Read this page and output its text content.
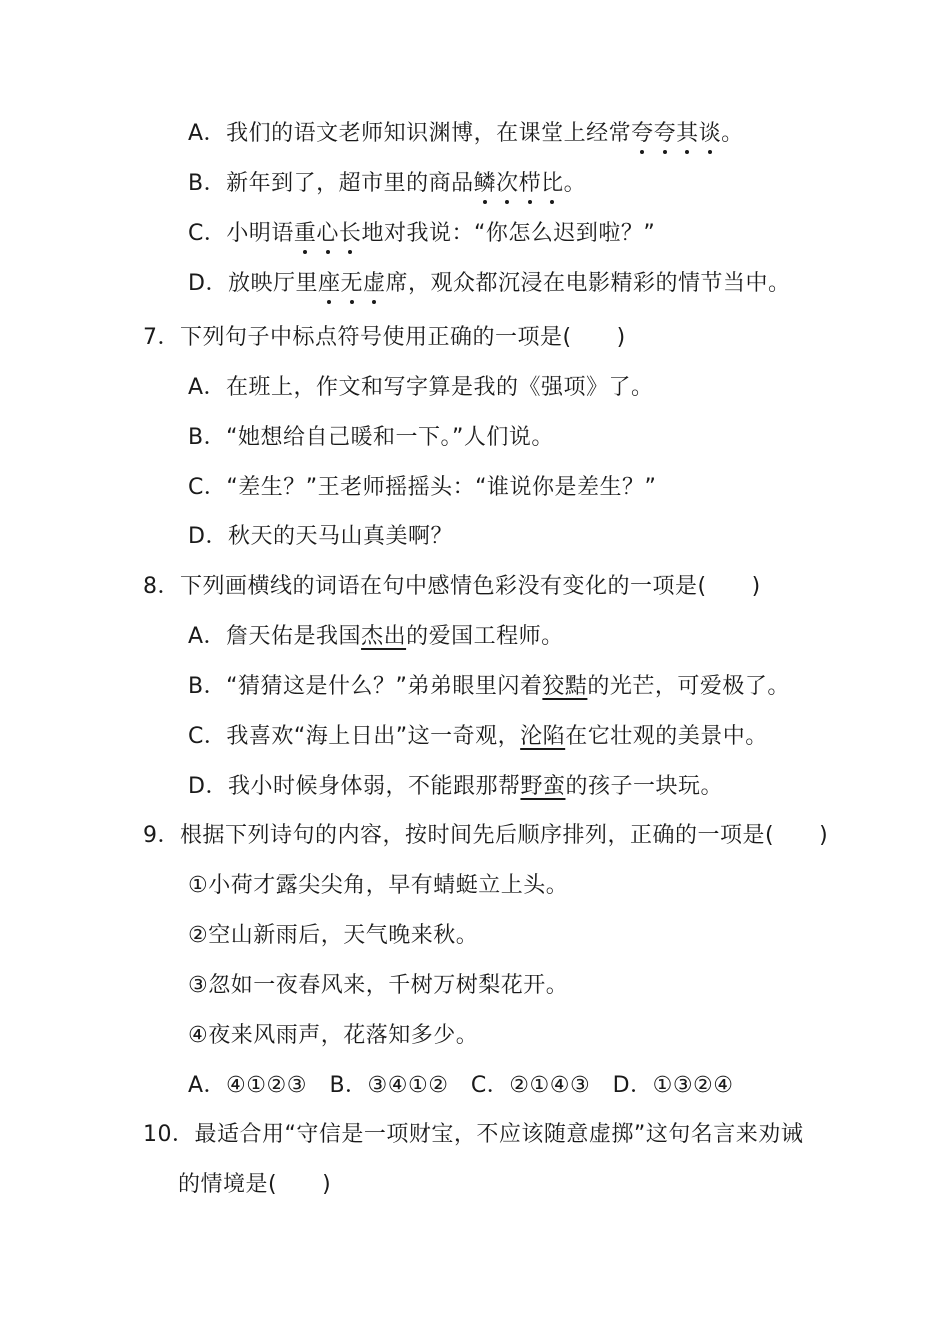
A．我们的语文老师知识渊博，在课堂上经常夸夸其谈。
B．新年到了，超市里的商品鳞次栉比。
C．小明语重心长地对我说：“你怎么迟到啦？”
D．放映厅里座无虚席，观众都沉浸在电影精彩的情节当中。
7．下列句子中标点符号使用正确的一项是(　　)
A．在班上，作文和写字算是我的《强项》了。
B．“她想给自己暖和一下。”人们说。
C．“差生？”王老师摇摇头：“谁说你是差生？”
D．秋天的天马山真美啊？
8．下列画横线的词语在句中感情色彩没有变化的一项是(　　)
A．詹天佑是我国杰出的爱国工程师。
B．“猜猜这是什么？”弟弟眼里闪着狡黠的光芒，可爱极了。
C．我喜欢“海上日出”这一奇观，沦陷在它壮观的美景中。
D．我小时候身体弱，不能跟那帮野蛮的孩子一块玩。
9．根据下列诗句的内容，按时间先后顺序排列，正确的一项是(　　)
①小荷才露尖尖角，早有蜻蜓立上头。
②空山新雨后，天气晚来秋。
③忽如一夜春风来，千树万树梨花开。
④夜来风雨声，花落知多少。
A．④①②③　B．③④①②　C．②①④③　D．①③②④
10．最适合用“守信是一项财宝，不应该随意虚掷”这句名言来劝诫
的情境是(　　)
